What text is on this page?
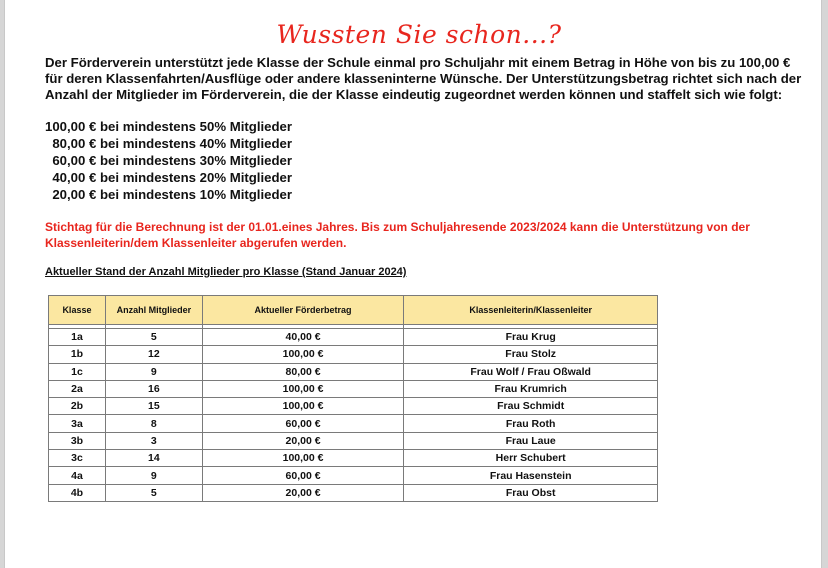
Wussten Sie schon...?
Der Förderverein unterstützt jede Klasse der Schule einmal pro Schuljahr mit einem Betrag in Höhe von bis zu 100,00 € für deren Klassenfahrten/Ausflüge oder andere klasseninterne Wünsche. Der Unterstützungsbetrag richtet sich nach der Anzahl der Mitglieder im Förderverein, die der Klasse eindeutig zugeordnet werden können und staffelt sich wie folgt:
100,00 € bei mindestens 50% Mitglieder
80,00 € bei mindestens 40% Mitglieder
60,00 € bei mindestens 30% Mitglieder
40,00 € bei mindestens 20% Mitglieder
20,00 € bei mindestens 10% Mitglieder
Stichtag für die Berechnung ist der 01.01.eines Jahres. Bis zum Schuljahresende 2023/2024 kann die Unterstützung von der Klassenleiterin/dem Klassenleiter abgerufen werden.
Aktueller Stand der Anzahl Mitglieder pro Klasse (Stand Januar 2024)
Klasse	Anzahl Mitglieder	Aktueller Förderbetrag	Klassenleiterin/Klassenleiter

1a	5	40,00 €	Frau Krug
1b	12	100,00 €	Frau Stolz
1c	9	80,00 €	Frau Wolf / Frau Oßwald
2a	16	100,00 €	Frau Krumrich
2b	15	100,00 €	Frau Schmidt
3a	8	60,00 €	Frau Roth
3b	3	20,00 €	Frau Laue
3c	14	100,00 €	Herr Schubert
4a	9	60,00 €	Frau Hasenstein
4b	5	20,00 €	Frau Obst
